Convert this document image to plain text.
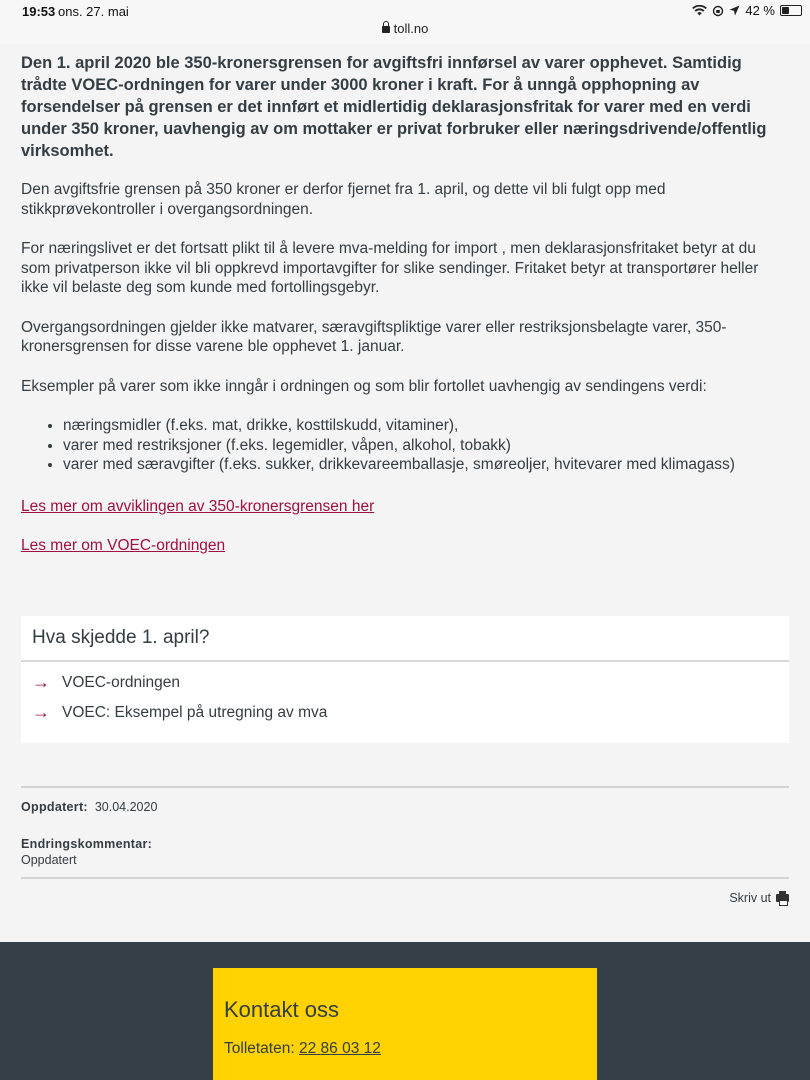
19:53 ons. 27. mai
toll.no
42 %

Den 1. april 2020 ble 350-kronersgrensen for avgiftsfri innførsel av varer opphevet. Samtidig trådte VOEC-ordningen for varer under 3000 kroner i kraft. For å unngå opphopning av forsendelser på grensen er det innført et midlertidig deklarasjonsfritak for varer med en verdi under 350 kroner, uavhengig av om mottaker er privat forbruker eller næringsdrivende/offentlig virksomhet.

Den avgiftsfrie grensen på 350 kroner er derfor fjernet fra 1. april, og dette vil bli fulgt opp med stikkprøvekontroller i overgangsordningen.

For næringslivet er det fortsatt plikt til å levere mva-melding for import , men deklarasjonsfritaket betyr at du som privatperson ikke vil bli oppkrevd importavgifter for slike sendinger. Fritaket betyr at transportører heller ikke vil belaste deg som kunde med fortollingsgebyr.

Overgangsordningen gjelder ikke matvarer, særavgiftspliktige varer eller restriksjonsbelagte varer, 350-kronersgrensen for disse varene ble opphevet 1. januar.

Eksempler på varer som ikke inngår i ordningen og som blir fortollet uavhengig av sendingens verdi:

• næringsmidler (f.eks. mat, drikke, kosttilskudd, vitaminer),
• varer med restriksjoner (f.eks. legemidler, våpen, alkohol, tobakk)
• varer med særavgifter (f.eks. sukker, drikkevareemballasje, smøreoljer, hvitevarer med klimagass)
Les mer om avviklingen av 350-kronersgrensen her
Les mer om VOEC-ordningen
Hva skjedde 1. april?
→ VOEC-ordningen
→ VOEC: Eksempel på utregning av mva
Oppdatert: 30.04.2020
Endringskommentar:
Oppdatert
Skriv ut
Kontakt oss
Tolletaten: 22 86 03 12
